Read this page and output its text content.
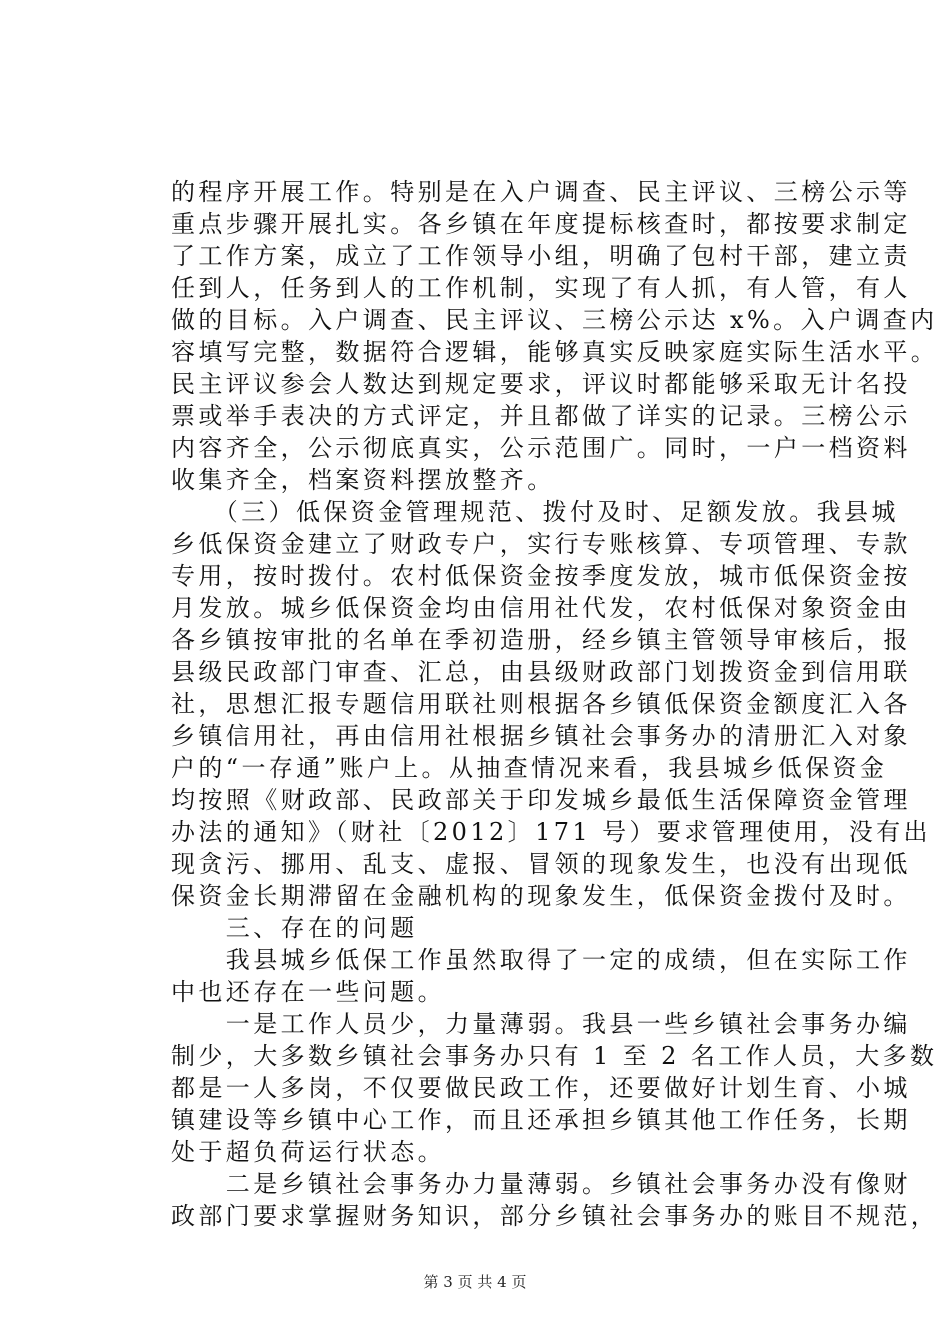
的程序开展工作。特别是在入户调查、民主评议、三榜公示等
重点步骤开展扎实。各乡镇在年度提标核查时，都按要求制定
了工作方案，成立了工作领导小组，明确了包村干部，建立责
任到人，任务到人的工作机制，实现了有人抓，有人管，有人
做的目标。入户调查、民主评议、三榜公示达 x%。入户调查内
容填写完整，数据符合逻辑，能够真实反映家庭实际生活水平。
民主评议参会人数达到规定要求，评议时都能够采取无计名投
票或举手表决的方式评定，并且都做了详实的记录。三榜公示
内容齐全，公示彻底真实，公示范围广。同时，一户一档资料
收集齐全，档案资料摆放整齐。
　　（三）低保资金管理规范、拨付及时、足额发放。我县城
乡低保资金建立了财政专户，实行专账核算、专项管理、专款
专用，按时拨付。农村低保资金按季度发放，城市低保资金按
月发放。城乡低保资金均由信用社代发，农村低保对象资金由
各乡镇按审批的名单在季初造册，经乡镇主管领导审核后，报
县级民政部门审查、汇总，由县级财政部门划拨资金到信用联
社，思想汇报专题信用联社则根据各乡镇低保资金额度汇入各
乡镇信用社，再由信用社根据乡镇社会事务办的清册汇入对象
户的“一存通”账户上。从抽查情况来看，我县城乡低保资金
均按照《财政部、民政部关于印发城乡最低生活保障资金管理
办法的通知》（财社〔2012〕171 号）要求管理使用，没有出
现贪污、挪用、乱支、虚报、冒领的现象发生，也没有出现低
保资金长期滞留在金融机构的现象发生，低保资金拨付及时。
　　三、存在的问题
　　我县城乡低保工作虽然取得了一定的成绩，但在实际工作
中也还存在一些问题。
　　一是工作人员少，力量薄弱。我县一些乡镇社会事务办编
制少，大多数乡镇社会事务办只有 1 至 2 名工作人员，大多数
都是一人多岗，不仅要做民政工作，还要做好计划生育、小城
镇建设等乡镇中心工作，而且还承担乡镇其他工作任务，长期
处于超负荷运行状态。
　　二是乡镇社会事务办力量薄弱。乡镇社会事务办没有像财
政部门要求掌握财务知识，部分乡镇社会事务办的账目不规范，
第 3 页 共 4 页
